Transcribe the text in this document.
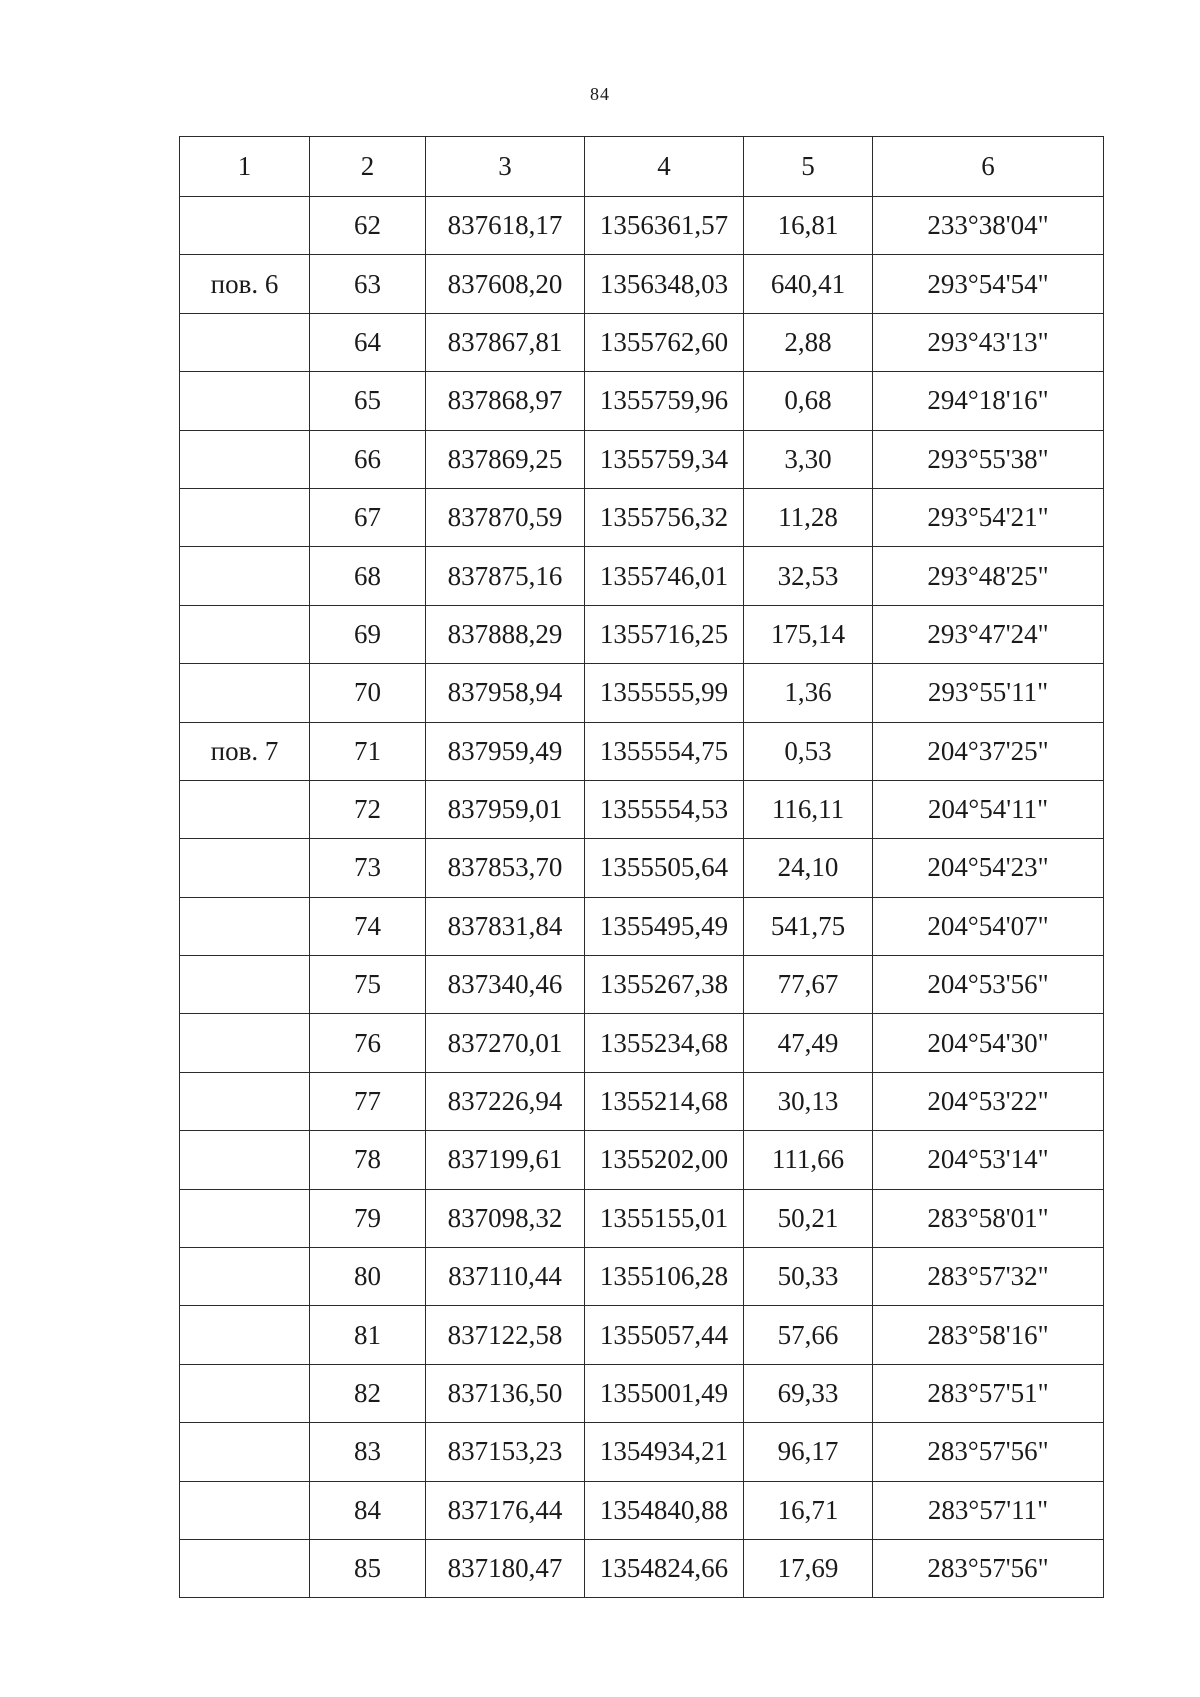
84
1	2	3	4	5	6
	62	837618,17	1356361,57	16,81	233°38'04"
пов. 6	63	837608,20	1356348,03	640,41	293°54'54"
	64	837867,81	1355762,60	2,88	293°43'13"
	65	837868,97	1355759,96	0,68	294°18'16"
	66	837869,25	1355759,34	3,30	293°55'38"
	67	837870,59	1355756,32	11,28	293°54'21"
	68	837875,16	1355746,01	32,53	293°48'25"
	69	837888,29	1355716,25	175,14	293°47'24"
	70	837958,94	1355555,99	1,36	293°55'11"
пов. 7	71	837959,49	1355554,75	0,53	204°37'25"
	72	837959,01	1355554,53	116,11	204°54'11"
	73	837853,70	1355505,64	24,10	204°54'23"
	74	837831,84	1355495,49	541,75	204°54'07"
	75	837340,46	1355267,38	77,67	204°53'56"
	76	837270,01	1355234,68	47,49	204°54'30"
	77	837226,94	1355214,68	30,13	204°53'22"
	78	837199,61	1355202,00	111,66	204°53'14"
	79	837098,32	1355155,01	50,21	283°58'01"
	80	837110,44	1355106,28	50,33	283°57'32"
	81	837122,58	1355057,44	57,66	283°58'16"
	82	837136,50	1355001,49	69,33	283°57'51"
	83	837153,23	1354934,21	96,17	283°57'56"
	84	837176,44	1354840,88	16,71	283°57'11"
	85	837180,47	1354824,66	17,69	283°57'56"
